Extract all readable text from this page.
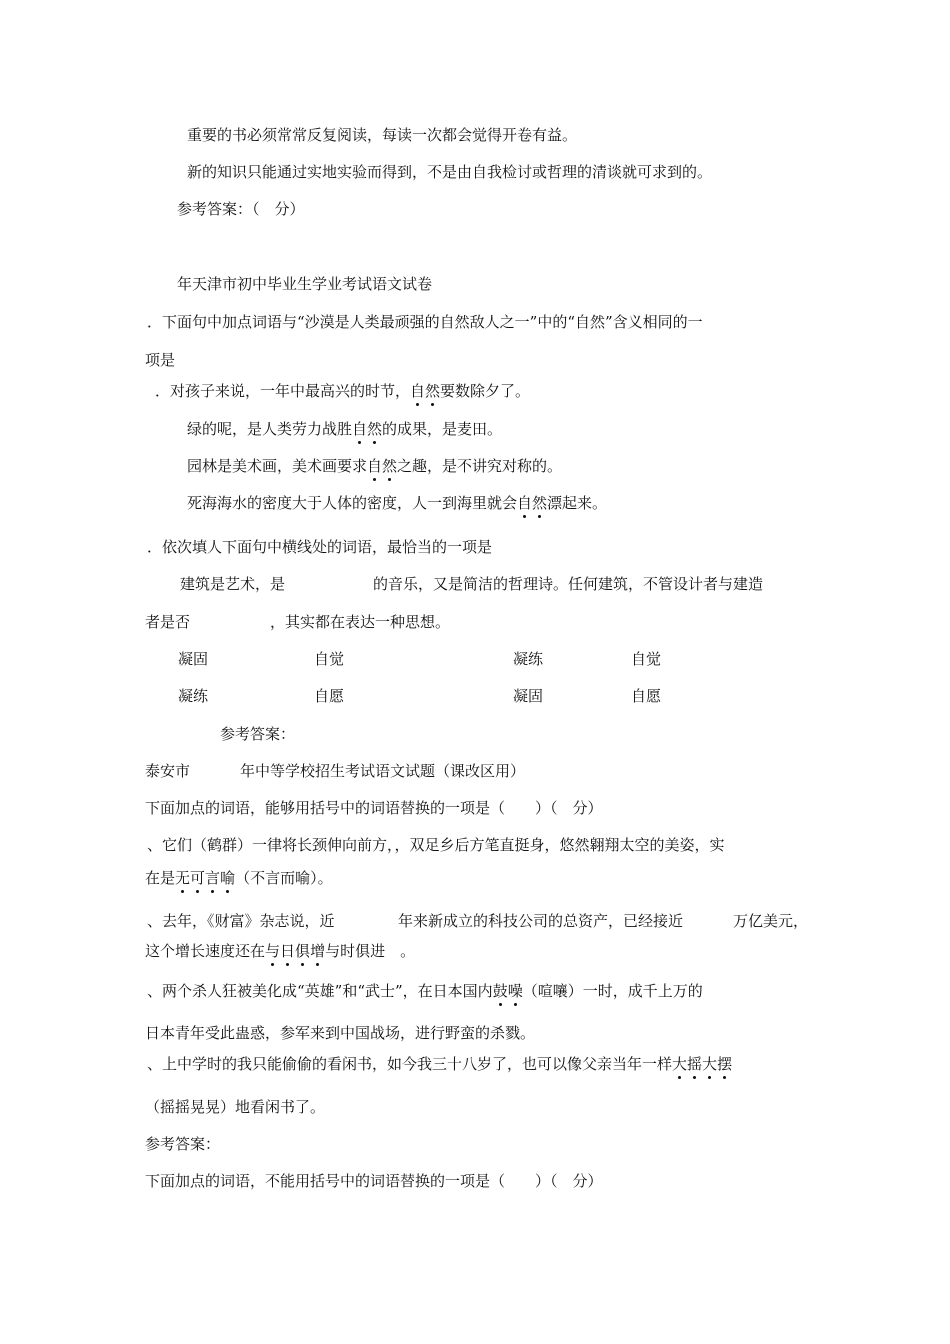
重要的书必须常常反复阅读，每读一次都会觉得开卷有益。
新的知识只能通过实地实验而得到，不是由自我检讨或哲理的清谈就可求到的。
参考答案：（　分）
年天津市初中毕业生学业考试语文试卷
．下面句中加点词语与“沙漠是人类最顽强的自然敌人之一”中的“自然”含义相同的一
项是
．对孩子来说，一年中最高兴的时节，自然要数除夕了。
绿的呢，是人类劳力战胜自然的成果，是麦田。
园林是美术画，美术画要求自然之趣，是不讲究对称的。
死海海水的密度大于人体的密度，人一到海里就会自然漂起来。
．依次填人下面句中横线处的词语，最恰当的一项是
建筑是艺术，是	的音乐，又是简洁的哲理诗。任何建筑，不管设计者与建造
者是否	，其实都在表达一种思想。
凝固	自觉	凝练	自觉
凝练	自愿	凝固	自愿
参考答案：
泰安市	年中等学校招生考试语文试题（课改区用）
下面加点的词语，能够用括号中的词语替换的一项是（　　）（　分）
、它们（鹤群）一律将长颈伸向前方，，双足乡后方笔直挺身，悠然翱翔太空的美姿，实
在是无可言喻（不言而喻）。
、去年，《财富》杂志说，近	年来新成立的科技公司的总资产，已经接近	万亿美元，
这个增长速度还在与日俱增与时俱进　。
、两个杀人狂被美化成“英雄”和“武士”，在日本国内鼓噪（喧嚷）一时，成千上万的
日本青年受此蛊惑，参军来到中国战场，进行野蛮的杀戮。
、上中学时的我只能偷偷的看闲书，如今我三十八岁了，也可以像父亲当年一样大摇大摆
（摇摇晃晃）地看闲书了。
参考答案：
下面加点的词语，不能用括号中的词语替换的一项是（　　）（　分）
